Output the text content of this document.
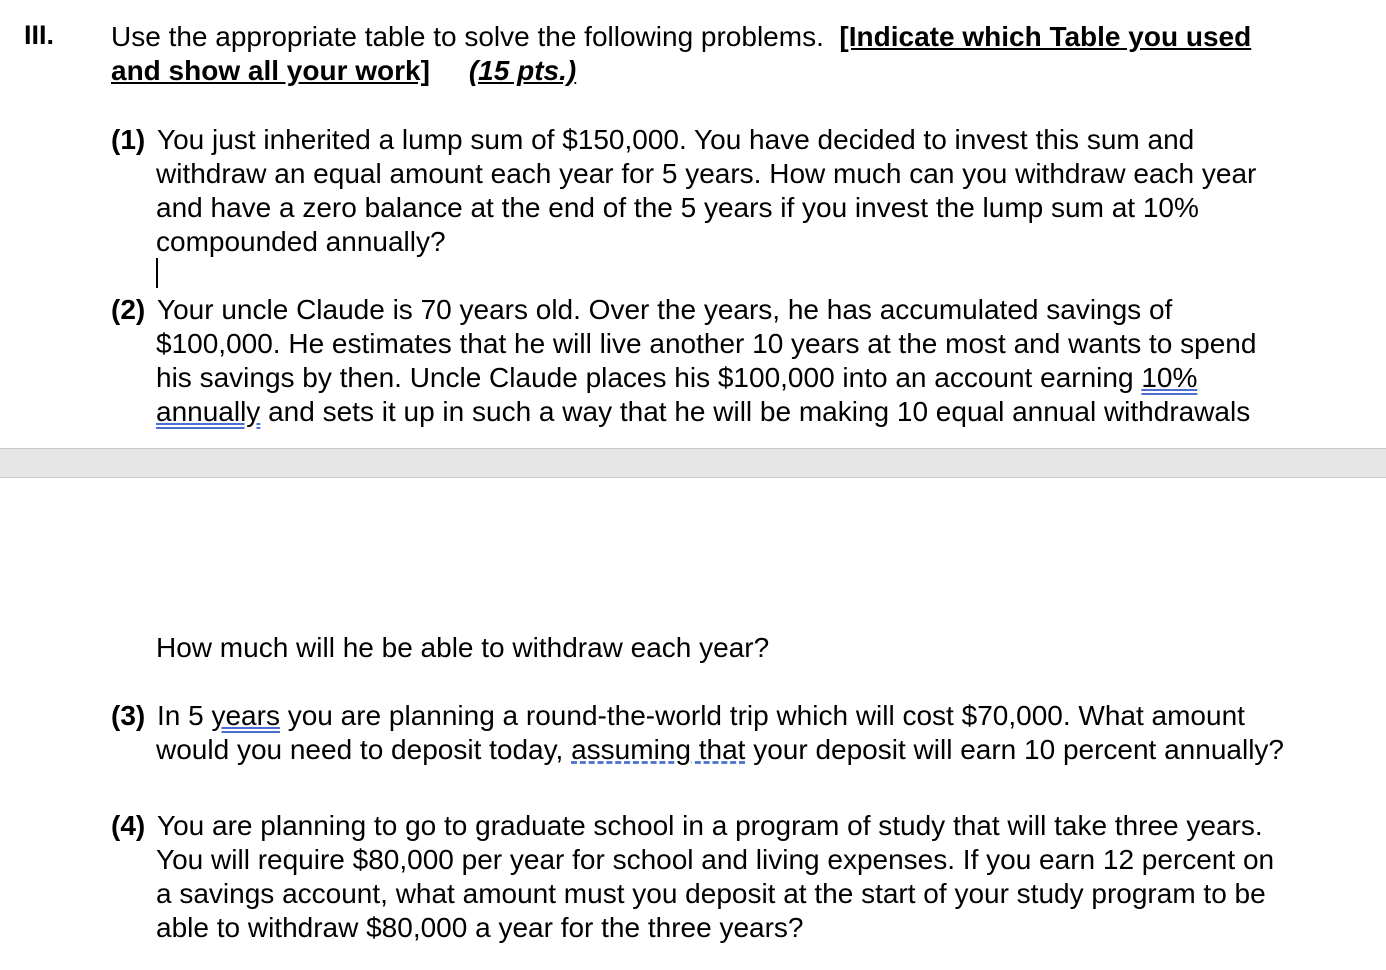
III. Use the appropriate table to solve the following problems. [Indicate which Table you used
and show all your work] (15 pts.)
(1) You just inherited a lump sum of $150,000. You have decided to invest this sum and
withdraw an equal amount each year for 5 years. How much can you withdraw each year
and have a zero balance at the end of the 5 years if you invest the lump sum at 10%
compounded annually?
(2) Your uncle Claude is 70 years old. Over the years, he has accumulated savings of
$100,000. He estimates that he will live another 10 years at the most and wants to spend
his savings by then. Uncle Claude places his $100,000 into an account earning 10%
annually and sets it up in such a way that he will be making 10 equal annual withdrawals
How much will he be able to withdraw each year?
(3) In 5 years you are planning a round-the-world trip which will cost $70,000. What amount
would you need to deposit today, assuming that your deposit will earn 10 percent annually?
(4) You are planning to go to graduate school in a program of study that will take three years.
You will require $80,000 per year for school and living expenses. If you earn 12 percent on
a savings account, what amount must you deposit at the start of your study program to be
able to withdraw $80,000 a year for the three years?
